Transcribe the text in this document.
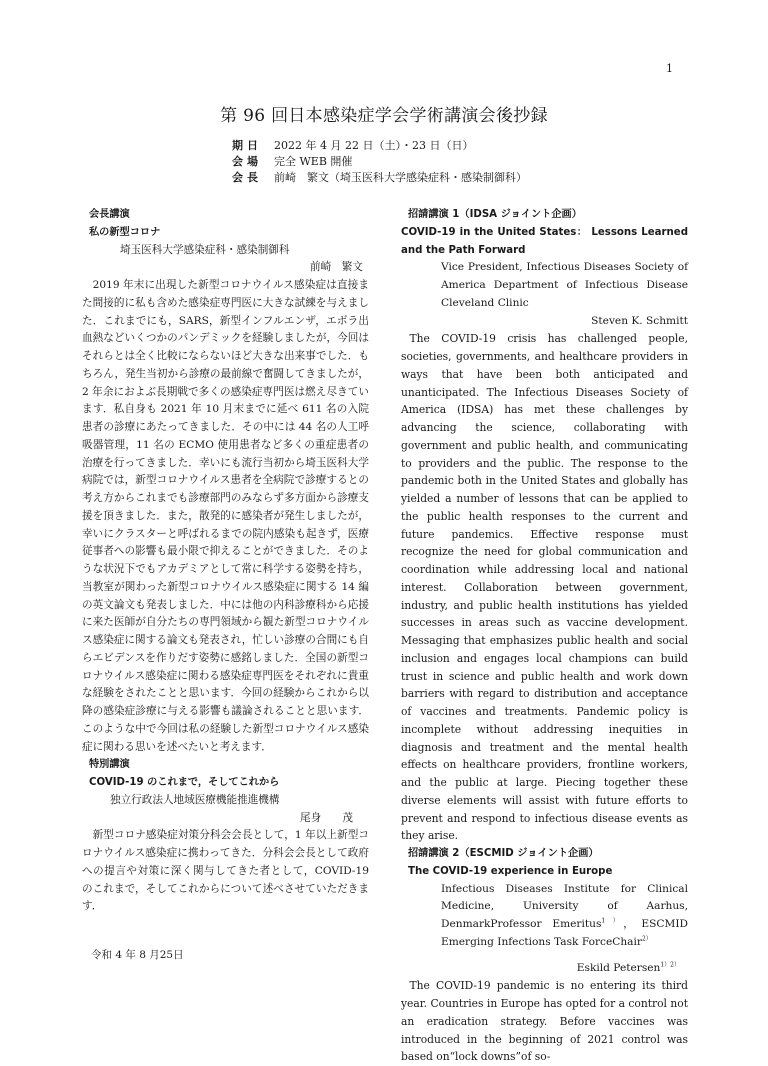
1
第 96 回日本感染症学会学術講演会後抄録
期日	2022 年 4 月 22 日（土）・23 日（日）
会場	完全 WEB 開催
会長	前崎　繁文（埼玉医科大学感染症科・感染制御科）
会長講演
私の新型コロナ
埼玉医科大学感染症科・感染制御科
前崎　繁文
2019 年末に出現した新型コロナウイルス感染症は直接また間接的に私も含めた感染症専門医に大きな試練を与えました．これまでにも，SARS，新型インフルエンザ，エボラ出血熱などいくつかのパンデミックを経験しましたが，今回はそれらとは全く比較にならないほど大きな出来事でした．もちろん，発生当初から診療の最前線で奮闘してきましたが，2 年余におよぶ長期戦で多くの感染症専門医は燃え尽きています．私自身も 2021 年 10 月末までに延べ 611 名の入院患者の診療にあたってきました．その中には 44 名の人工呼吸器管理，11 名の ECMO 使用患者など多くの重症患者の治療を行ってきました．幸いにも流行当初から埼玉医科大学病院では，新型コロナウイルス患者を全病院で診療するとの考え方からこれまでも診療部門のみならず多方面から診療支援を頂きました．また，散発的に感染者が発生しましたが，幸いにクラスターと呼ばれるまでの院内感染も起きず，医療従事者への影響も最小限で抑えることができました．そのような状況下でもアカデミアとして常に科学する姿勢を持ち，当教室が関わった新型コロナウイルス感染症に関する 14 編の英文論文も発表しました．中には他の内科診療科から応援に来た医師が自分たちの専門領域から観た新型コロナウイルス感染症に関する論文も発表され，忙しい診療の合間にも自らエビデンスを作りだす姿勢に感銘しました．全国の新型コロナウイルス感染症に関わる感染症専門医をそれぞれに貴重な経験をされたことと思います．今回の経験からこれから以降の感染症診療に与える影響も議論されることと思います．このような中で今回は私の経験した新型コロナウイルス感染症に関わる思いを述べたいと考えます．
特別講演
COVID-19 のこれまで，そしてこれから
独立行政法人地域医療機能推進機構
尾身　　茂
新型コロナ感染症対策分科会会長として，1 年以上新型コロナウイルス感染症に携わってきた．分科会会長として政府への提言や対策に深く関与してきた者として，COVID-19 のこれまで，そしてこれからについて述べさせていただきます．
招請講演 1（IDSA ジョイント企画）
COVID-19 in the United States： Lessons Learned and the Path Forward
Vice President, Infectious Diseases Society of America Department of Infectious Disease Cleveland Clinic
Steven K. Schmitt
The COVID-19 crisis has challenged people, societies, governments, and healthcare providers in ways that have been both anticipated and unanticipated. The Infectious Diseases Society of America (IDSA) has met these challenges by advancing the science, collaborating with government and public health, and communicating to providers and the public. The response to the pandemic both in the United States and globally has yielded a number of lessons that can be applied to the public health responses to the current and future pandemics. Effective response must recognize the need for global communication and coordination while addressing local and national interest. Collaboration between government, industry, and public health institutions has yielded successes in areas such as vaccine development. Messaging that emphasizes public health and social inclusion and engages local champions can build trust in science and public health and work down barriers with regard to distribution and acceptance of vaccines and treatments. Pandemic policy is incomplete without addressing inequities in diagnosis and treatment and the mental health effects on healthcare providers, frontline workers, and the public at large. Piecing together these diverse elements will assist with future efforts to prevent and respond to infectious disease events as they arise.
招請講演 2（ESCMID ジョイント企画）
The COVID-19 experience in Europe
Infectious Diseases Institute for Clinical Medicine, University of Aarhus, DenmarkProfessor Emeritus$^{1)}$，ESCMID Emerging Infections Task ForceChair$^{2)}$
Eskild Petersen$^{1)2)}$
The COVID-19 pandemic is no entering its third year. Countries in Europe has opted for a control not an eradication strategy. Before vaccines was introduced in the beginning of 2021 control was based on“lock downs”of so-
令和 4 年 8 月25日
